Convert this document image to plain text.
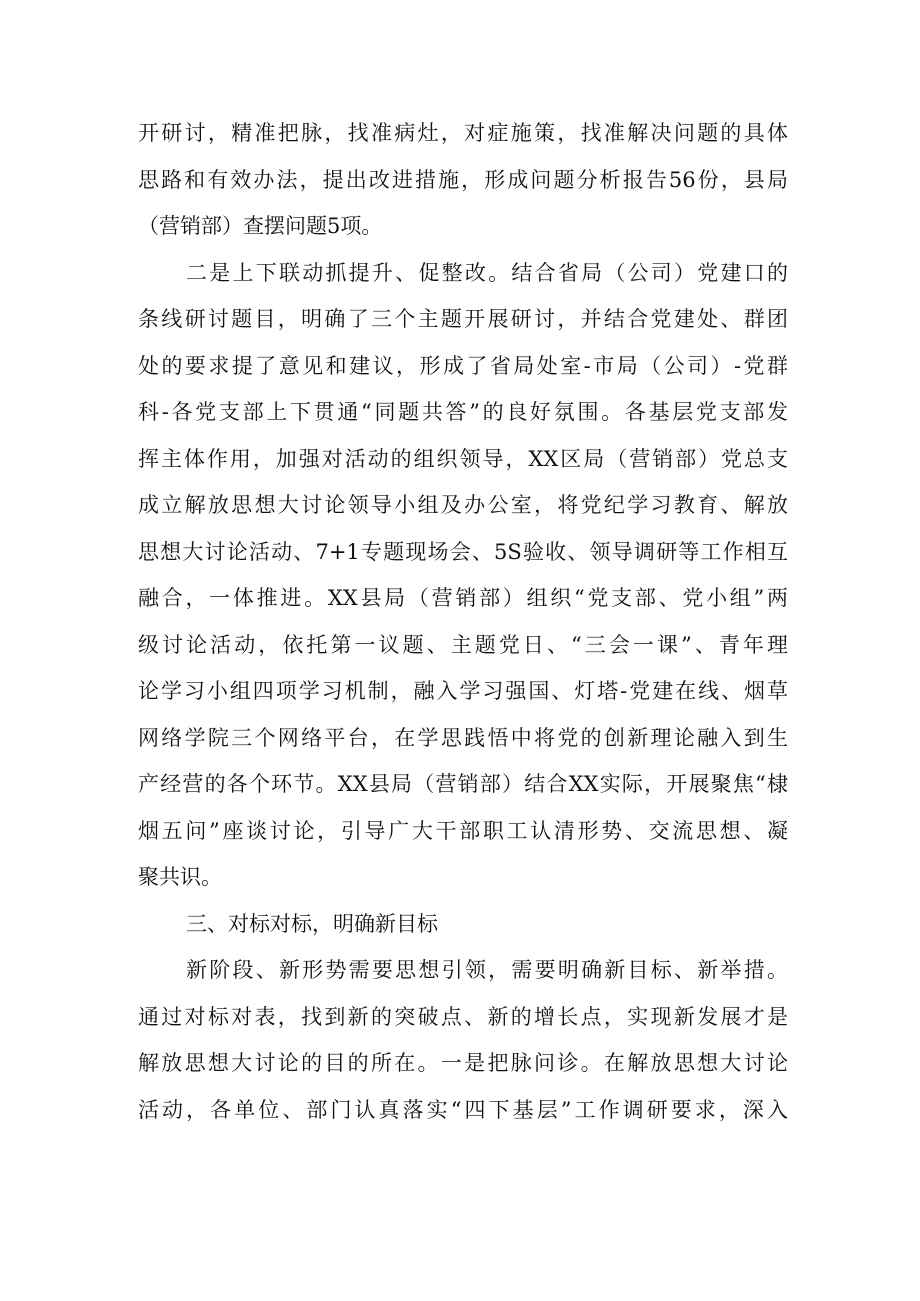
开研讨，精准把脉，找准病灶，对症施策，找准解决问题的具体
思路和有效办法，提出改进措施，形成问题分析报告56份，县局
（营销部）查摆问题5项。
二是上下联动抓提升、促整改。结合省局（公司）党建口的
条线研讨题目，明确了三个主题开展研讨，并结合党建处、群团
处的要求提了意见和建议，形成了省局处室-市局（公司）-党群
科-各党支部上下贯通“同题共答”的良好氛围。各基层党支部发
挥主体作用，加强对活动的组织领导，XX区局（营销部）党总支
成立解放思想大讨论领导小组及办公室，将党纪学习教育、解放
思想大讨论活动、7+1专题现场会、5S验收、领导调研等工作相互
融合，一体推进。XX县局（营销部）组织“党支部、党小组”两
级讨论活动，依托第一议题、主题党日、“三会一课”、青年理
论学习小组四项学习机制，融入学习强国、灯塔-党建在线、烟草
网络学院三个网络平台，在学思践悟中将党的创新理论融入到生
产经营的各个环节。XX县局（营销部）结合XX实际，开展聚焦“棣
烟五问”座谈讨论，引导广大干部职工认清形势、交流思想、凝
聚共识。
三、对标对标，明确新目标
新阶段、新形势需要思想引领，需要明确新目标、新举措。
通过对标对表，找到新的突破点、新的增长点，实现新发展才是
解放思想大讨论的目的所在。一是把脉问诊。在解放思想大讨论
活动，各单位、部门认真落实“四下基层”工作调研要求，深入
